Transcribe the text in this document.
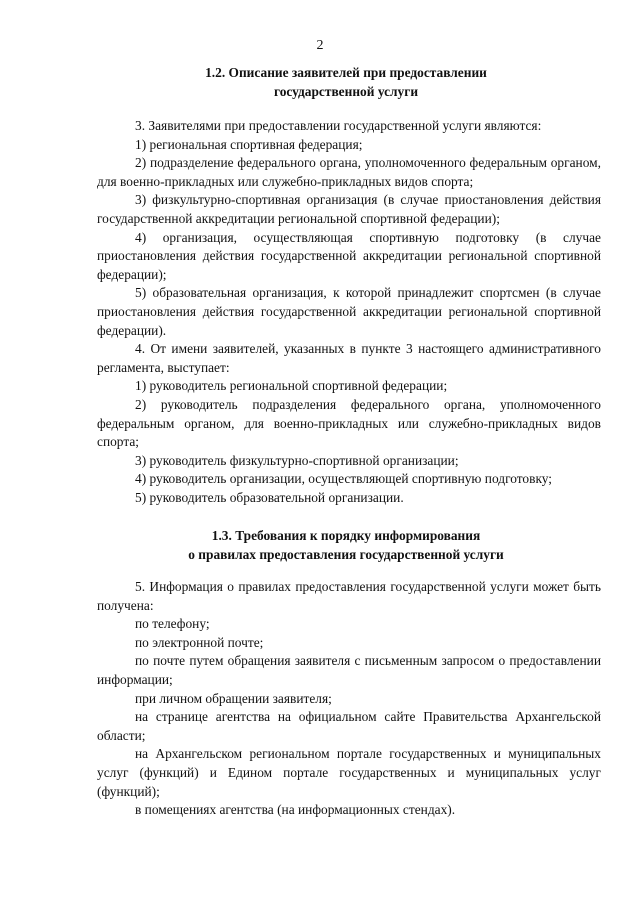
2
1.2. Описание заявителей при предоставлении
государственной услуги

3. Заявителями при предоставлении государственной услуги являются:

1) региональная спортивная федерация;

2) подразделение федерального органа, уполномоченного федеральным органом, для военно-прикладных или служебно-прикладных видов спорта;

3) физкультурно-спортивная организация (в случае приостановления действия государственной аккредитации региональной спортивной федерации);

4) организация, осуществляющая спортивную подготовку (в случае приостановления действия государственной аккредитации региональной спортивной федерации);

5) образовательная организация, к которой принадлежит спортсмен (в случае приостановления действия государственной аккредитации региональной спортивной федерации).

4. От имени заявителей, указанных в пункте 3 настоящего административного регламента, выступает:

1) руководитель региональной спортивной федерации;

2) руководитель подразделения федерального органа, уполномоченного федеральным органом, для военно-прикладных или служебно-прикладных видов спорта;

3) руководитель физкультурно-спортивной организации;

4) руководитель организации, осуществляющей спортивную подготовку;

5) руководитель образовательной организации.

1.3. Требования к порядку информирования
о правилах предоставления государственной услуги

5. Информация о правилах предоставления государственной услуги может быть получена:

по телефону;

по электронной почте;

по почте путем обращения заявителя с письменным запросом о предоставлении информации;

при личном обращении заявителя;

на странице агентства на официальном сайте Правительства Архангельской области;

на Архангельском региональном портале государственных и муниципальных услуг (функций) и Едином портале государственных и муниципальных услуг (функций);

в помещениях агентства (на информационных стендах).
